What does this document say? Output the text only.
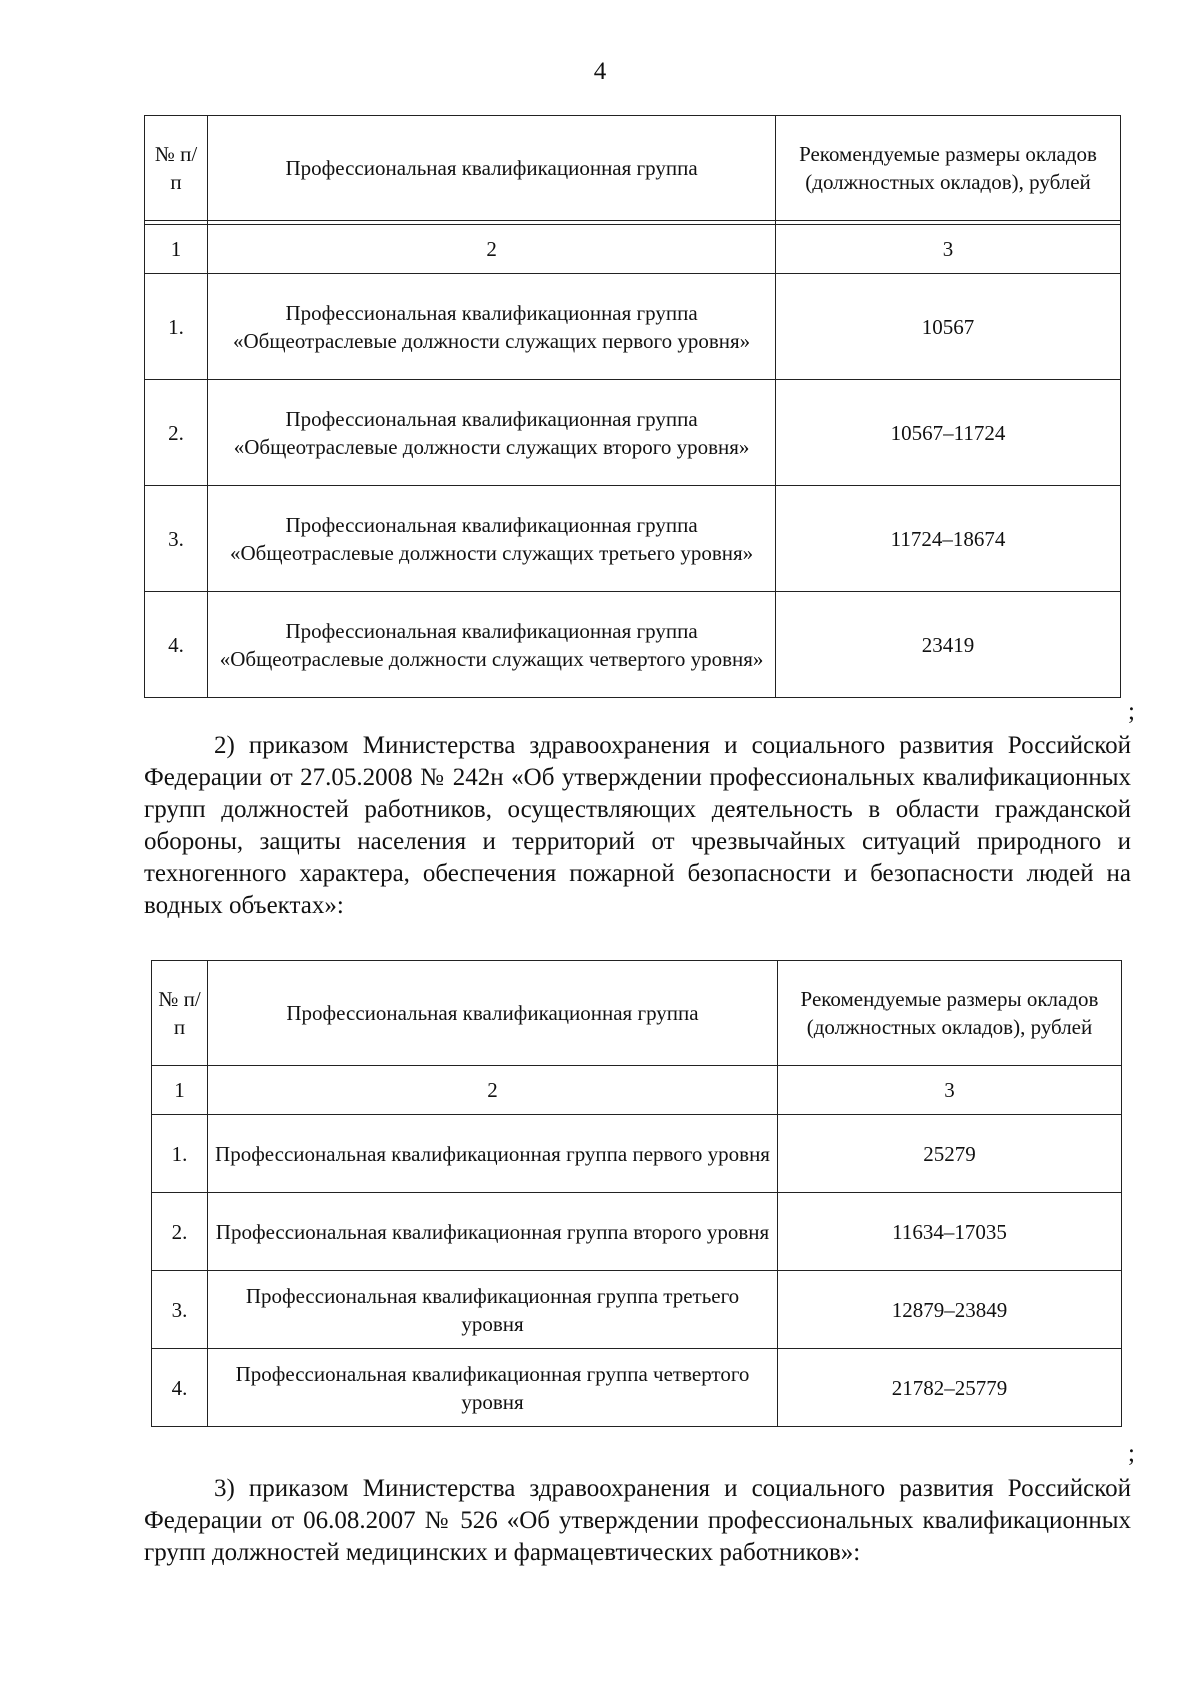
4
№ п/п	Профессиональная квалификационная группа	Рекомендуемые размеры окладов (должностных окладов), рублей

1	2	3
1.	Профессиональная квалификационная группа «Общеотраслевые должности служащих первого уровня»	10567
2.	Профессиональная квалификационная группа «Общеотраслевые должности служащих второго уровня»	10567–11724
3.	Профессиональная квалификационная группа «Общеотраслевые должности служащих третьего уровня»	11724–18674
4.	Профессиональная квалификационная группа «Общеотраслевые должности служащих четвертого уровня»	23419
;

2) приказом Министерства здравоохранения и социального развития Российской Федерации от 27.05.2008 № 242н «Об утверждении профессиональных квалификационных групп должностей работников, осуществляющих деятельность в области гражданской обороны, защиты населения и территорий от чрезвычайных ситуаций природного и техногенного характера, обеспечения пожарной безопасности и безопасности людей на водных объектах»:

№ п/п	Профессиональная квалификационная группа	Рекомендуемые размеры окладов (должностных окладов), рублей
1	2	3
1.	Профессиональная квалификационная группа первого уровня	25279
2.	Профессиональная квалификационная группа второго уровня	11634–17035
3.	Профессиональная квалификационная группа третьего уровня	12879–23849
4.	Профессиональная квалификационная группа четвертого уровня	21782–25779
;

3) приказом Министерства здравоохранения и социального развития Российской Федерации от 06.08.2007 № 526 «Об утверждении профессиональных квалификационных групп должностей медицинских и фармацевтических работников»:
